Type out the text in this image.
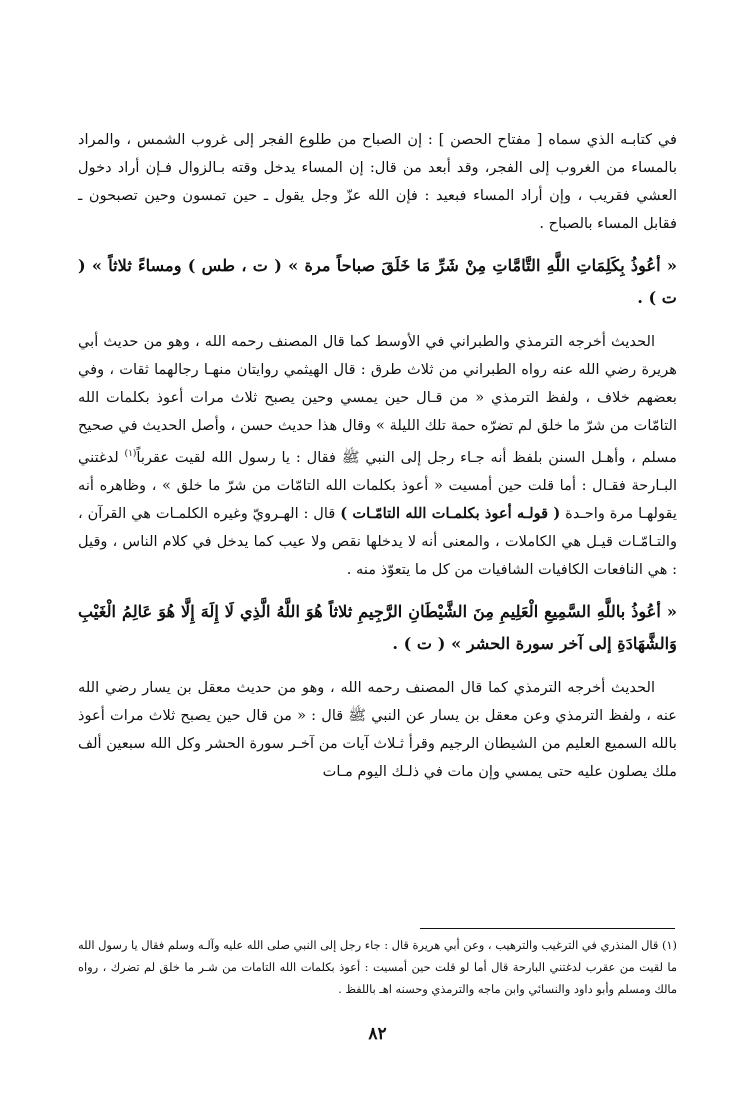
في كتابـه الذي سماه [ مفتاح الحصن ] : إن الصباح من طلوع الفجر إلى غروب الشمس ، والمراد بالمساء من الغروب إلى الفجر، وقد أبعد من قال: إن المساء يدخل وقته بـالزوال فـإن أراد دخول العشي فقريب ، وإن أراد المساء فبعيد : فإن الله عزّ وجل يقول ـ حين تمسون وحين تصبحون ـ فقابل المساء بالصباح .

« أعُوذُ بِكَلِمَاتِ اللَّهِ التَّامَّاتِ مِنْ شَرِّ مَا خَلَقَ صباحاً مرة » ( ت ، طس ) ومساءً ثلاثاً » ( ت ) .

الحديث أخرجه الترمذي والطبراني في الأوسط كما قال المصنف رحمه الله ، وهو من حديث أبي هريرة رضي الله عنه رواه الطبراني من ثلاث طرق : قال الهيثمي روايتان منهـا رجالهما ثقات ، وفي بعضهم خلاف ، ولفظ الترمذي « من قـال حين يمسي وحين يصبح ثلاث مرات أعوذ بكلمات الله التامّات من شرّ ما خلق لم تضرّه حمة تلك الليلة » وقال هذا حديث حسن ، وأصل الحديث في صحيح مسلم ، وأهـل السنن بلفظ أنه جـاء رجل إلى النبي ﷺ فقال : يا رسول الله لقيت عقرباً$^{(١)}$ لدغتني البـارحة فقـال : أما قلت حين أمسيت « أعوذ بكلمات الله التامّات من شرّ ما خلق » ، وظاهره أنه يقولهـا مرة واحـدة ( قولـه أعوذ بكلمـات الله التامّـات ) قال : الهـرويّ وغيره الكلمـات هي القرآن ، والتـامّـات قيـل هي الكاملات ، والمعنى أنه لا يدخلها نقص ولا عيب كما يدخل في كلام الناس ، وقيل : هي النافعات الكافيات الشافيات من كل ما يتعوّذ منه .

« أعُوذُ باللَّهِ السَّمِيعِ الْعَلِيمِ مِنَ الشَّيْطَانِ الرَّجِيمِ ثلاثاً هُوَ اللَّهُ الَّذِي لَا إِلَهَ إِلَّا هُوَ عَالِمُ الْغَيْبِ وَالشَّهَادَةِ إلى آخر سورة الحشر » ( ت ) .

الحديث أخرجه الترمذي كما قال المصنف رحمه الله ، وهو من حديث معقل بن يسار رضي الله عنه ، ولفظ الترمذي وعن معقل بن يسار عن النبي ﷺ قال : « من قال حين يصبح ثلاث مرات أعوذ بالله السميع العليم من الشيطان الرجيم وقرأ ثـلاث آيات من آخـر سورة الحشر وكل الله سبعين ألف ملك يصلون عليه حتى يمسي وإن مات في ذلـك اليوم مـات

(١) قال المنذري في الترغيب والترهيب ، وعن أبي هريرة قال : جاء رجل إلى النبي صلى الله عليه وآلـه وسلم فقال يا رسول الله ما لقيت من عقرب لدغتني البارحة قال أما لو قلت حين أمسيت : أعوذ بكلمات الله التامات من شـر ما خلق لم تضرك ، رواه مالك ومسلم وأبو داود والنسائي وابن ماجه والترمذي وحسنه اهـ باللفظ .
٨٢
